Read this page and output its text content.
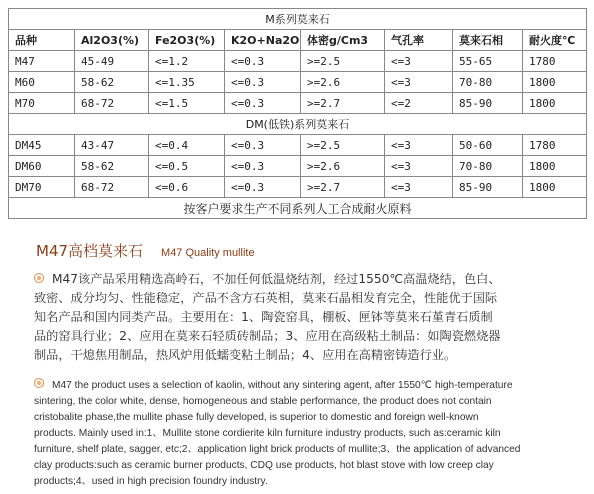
M系列莫来石							
品种	Al2O3(%)	Fe2O3(%)	K2O+Na2O	体密g/Cm3	气孔率	莫来石相	耐火度℃
M47	45-49	<=1.2	<=0.3	>=2.5	<=3	55-65	1780
M60	58-62	<=1.35	<=0.3	>=2.6	<=3	70-80	1800
M70	68-72	<=1.5	<=0.3	>=2.7	<=2	85-90	1800
DM(低铁)系列莫来石							
DM45	43-47	<=0.4	<=0.3	>=2.5	<=3	50-60	1780
DM60	58-62	<=0.5	<=0.3	>=2.6	<=3	70-80	1800
DM70	68-72	<=0.6	<=0.3	>=2.7	<=3	85-90	1800
按客户要求生产不同系列人工合成耐火原料							
M47高档莫来石 M47 Quality mullite

M47该产品采用精选高岭石，不加任何低温烧结剂，经过1550℃高温烧结，色白、

致密、成分均匀、性能稳定，产品不含方石英相，莫来石晶相发育完全，性能优于国际

知名产品和国内同类产品。主要用在：1、陶瓷窑具，棚板、匣钵等莫来石堇青石质制

品的窑具行业；2、应用在莫来石轻质砖制品；3、应用在高级粘土制品：如陶瓷燃烧器

制品，干熄焦用制品，热风炉用低蠕变粘土制品；4、应用在高精密铸造行业。

M47 the product uses a selection of kaolin, without any sintering agent, after 1550℃ high-temperature

sintering, the color white, dense, homogeneous and stable performance, the product does not contain

cristobalite phase,the mullite phase fully developed, is superior to domestic and foreign well-known

products. Mainly used in:1、Mullite stone cordierite kiln furniture industry products, such as:ceramic kiln

furniture, shelf plate, sagger, etc;2、application light brick products of mullite;3、the application of advanced

clay products:such as ceramic burner products, CDQ use products, hot blast stove with low creep clay

products;4、used in high precision foundry industry.
